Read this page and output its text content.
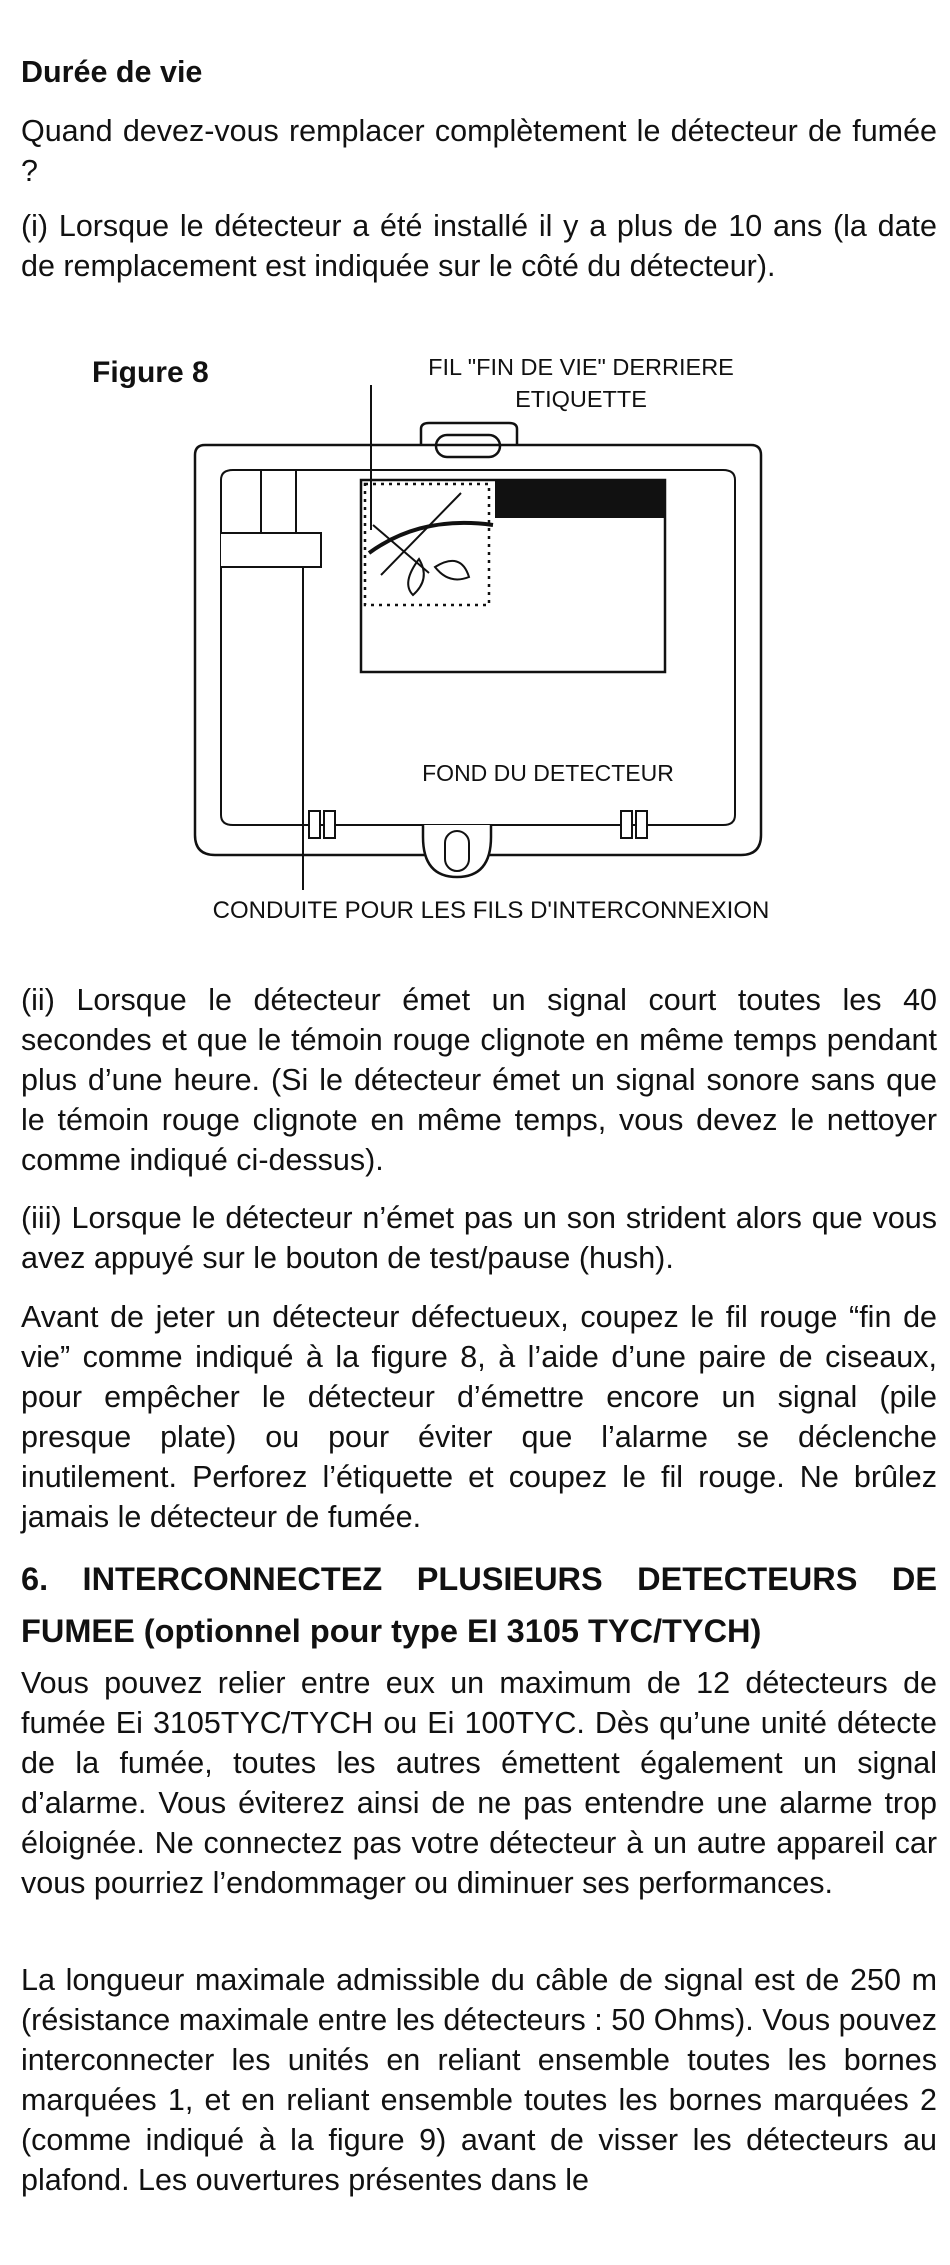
Durée de vie

Quand devez-vous remplacer complètement le détecteur de fumée ?

(i) Lorsque le détecteur a été installé il y a plus de 10 ans (la date de remplacement est indiquée sur le côté du détecteur).

Figure 8	FIL "FIN DE VIE" DERRIERE
ETIQUETTE

FOND DU DETECTEUR

CONDUITE POUR LES FILS D'INTERCONNEXION

(ii) Lorsque le détecteur émet un signal court toutes les 40 secondes et que le témoin rouge clignote en même temps pendant plus d’une heure. (Si le détecteur émet un signal sonore sans que le témoin rouge clignote en même temps, vous devez le nettoyer comme indiqué ci-dessus).

(iii) Lorsque le détecteur n’émet pas un son strident alors que vous avez appuyé sur le bouton de test/pause (hush).

Avant de jeter un détecteur défectueux, coupez le fil rouge “fin de vie” comme indiqué à la figure 8, à l’aide d’une paire de ciseaux, pour empêcher le détecteur d’émettre encore un signal (pile presque plate) ou pour éviter que l’alarme se déclenche inutilement. Perforez l’étiquette et coupez le fil rouge. Ne brûlez jamais le détecteur de fumée.

6. INTERCONNECTEZ PLUSIEURS DETECTEURS DE FUMEE (optionnel pour type EI 3105 TYC/TYCH)

Vous pouvez relier entre eux un maximum de 12 détecteurs de fumée Ei 3105TYC/TYCH ou Ei 100TYC. Dès qu’une unité détecte de la fumée, toutes les autres émettent également un signal d’alarme. Vous éviterez ainsi de ne pas entendre une alarme trop éloignée. Ne connectez pas votre détecteur à un autre appareil car vous pourriez l’endommager ou diminuer ses performances.

La longueur maximale admissible du câble de signal est de 250 m (résistance maximale entre les détecteurs : 50 Ohms). Vous pouvez interconnecter les unités en reliant ensemble toutes les bornes marquées 1, et en reliant ensemble toutes les bornes marquées 2 (comme indiqué à la figure 9) avant de visser les détecteurs au plafond. Les ouvertures présentes dans le
